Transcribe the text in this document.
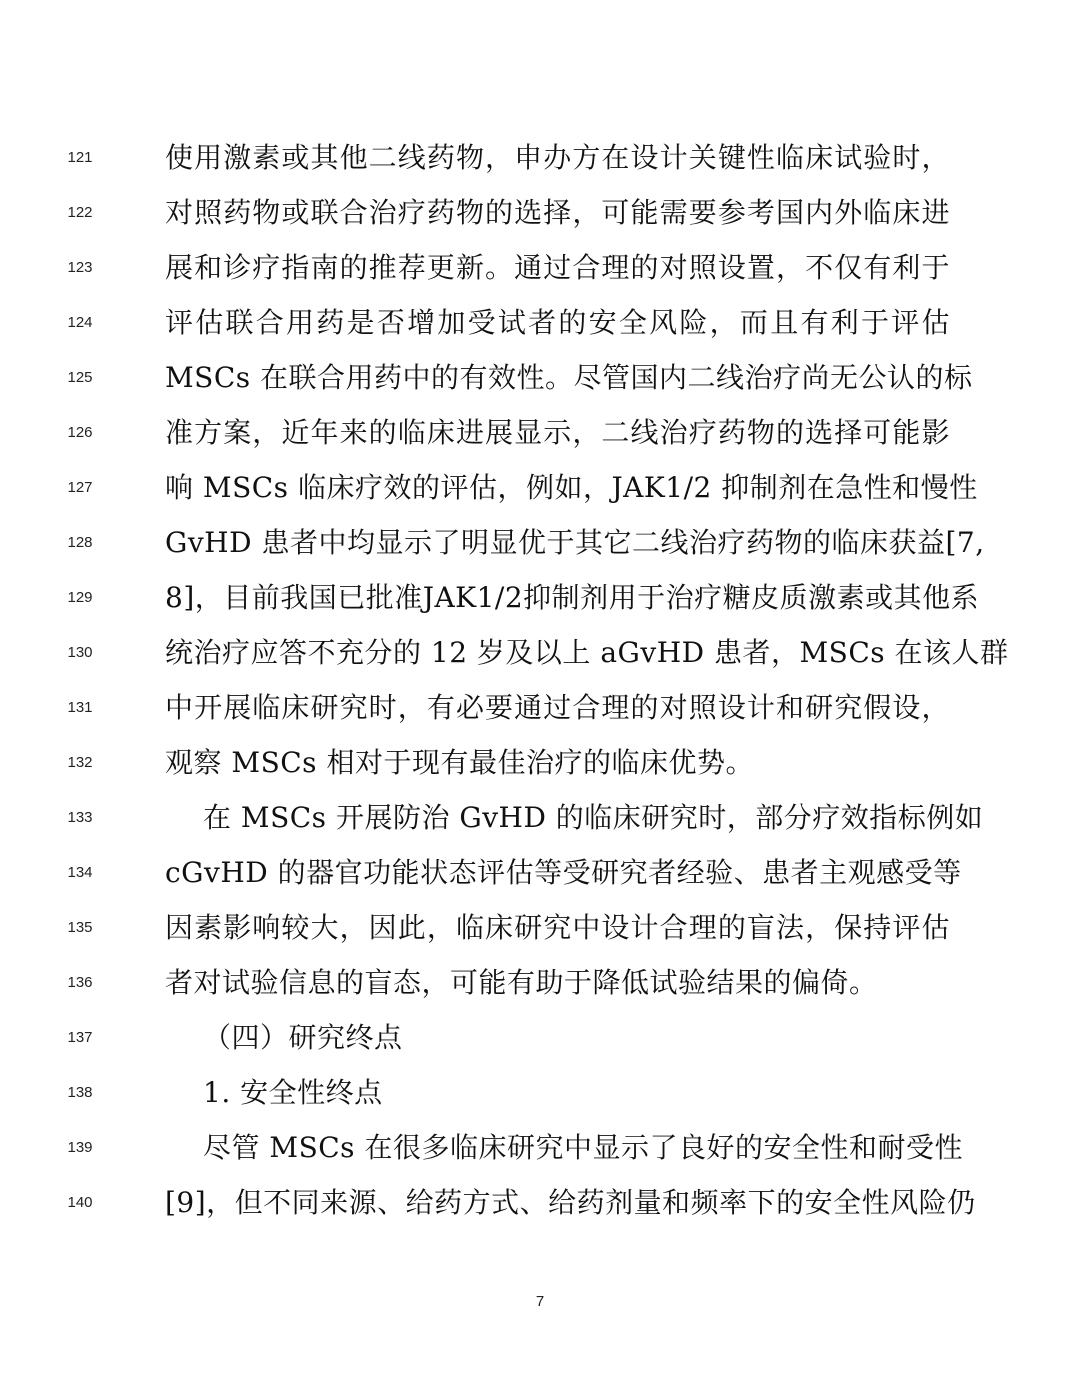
121	使用激素或其他二线药物，申办方在设计关键性临床试验时，
122	对照药物或联合治疗药物的选择，可能需要参考国内外临床进
123	展和诊疗指南的推荐更新。通过合理的对照设置，不仅有利于
124	评估联合用药是否增加受试者的安全风险，而且有利于评估
125	MSCs 在联合用药中的有效性。尽管国内二线治疗尚无公认的标
126	准方案，近年来的临床进展显示，二线治疗药物的选择可能影
127	响 MSCs 临床疗效的评估，例如，JAK1/2 抑制剂在急性和慢性
128	GvHD 患者中均显示了明显优于其它二线治疗药物的临床获益[7,
129	8]，目前我国已批准JAK1/2抑制剂用于治疗糖皮质激素或其他系
130	统治疗应答不充分的 12 岁及以上 aGvHD 患者，MSCs 在该人群
131	中开展临床研究时，有必要通过合理的对照设计和研究假设，
132	观察 MSCs 相对于现有最佳治疗的临床优势。
133	在 MSCs 开展防治 GvHD 的临床研究时，部分疗效指标例如
134	cGvHD 的器官功能状态评估等受研究者经验、患者主观感受等
135	因素影响较大，因此，临床研究中设计合理的盲法，保持评估
136	者对试验信息的盲态，可能有助于降低试验结果的偏倚。
137	（四）研究终点
138	1. 安全性终点
139	尽管 MSCs 在很多临床研究中显示了良好的安全性和耐受性
140	[9]，但不同来源、给药方式、给药剂量和频率下的安全性风险仍
7
